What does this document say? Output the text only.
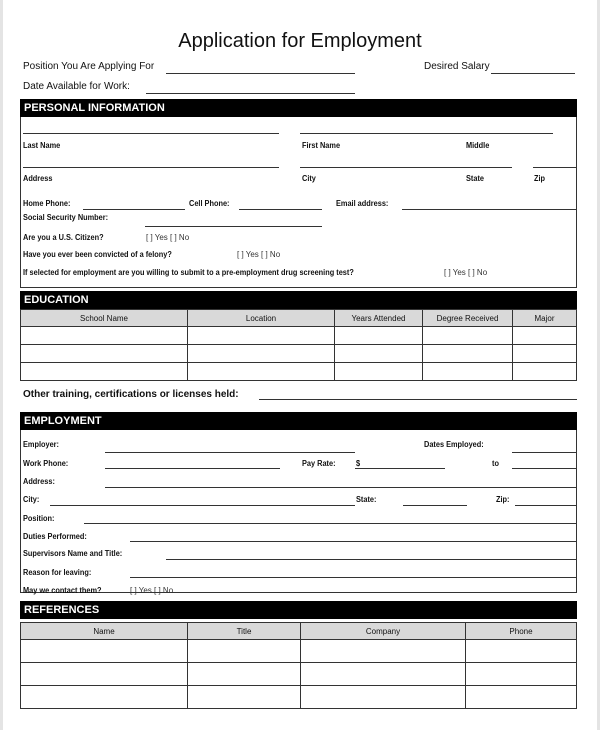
Application for Employment
Position You Are Applying For	Desired Salary
Date Available for Work:
PERSONAL INFORMATION
Last Name	First Name	Middle
Address	City	State	Zip
Home Phone:	Cell Phone:	Email address:
Social Security Number:
Are you a U.S. Citizen?	[ ] Yes [ ] No
Have you ever been convicted of a felony?	[ ] Yes [ ] No
If selected for employment are you willing to submit to a pre-employment drug screening test?	[ ] Yes [ ] No
EDUCATION
School Name	Location	Years Attended	Degree Received	Major

Other training, certifications or licenses held:
EMPLOYMENT
Employer:	Dates Employed:
Work Phone:	Pay Rate:	$	to
Address:
City:	State:	Zip:
Position:
Duties Performed:
Supervisors Name and Title:
Reason for leaving:
May we contact them?	[ ] Yes [ ] No
REFERENCES
Name	Title	Company	Phone
